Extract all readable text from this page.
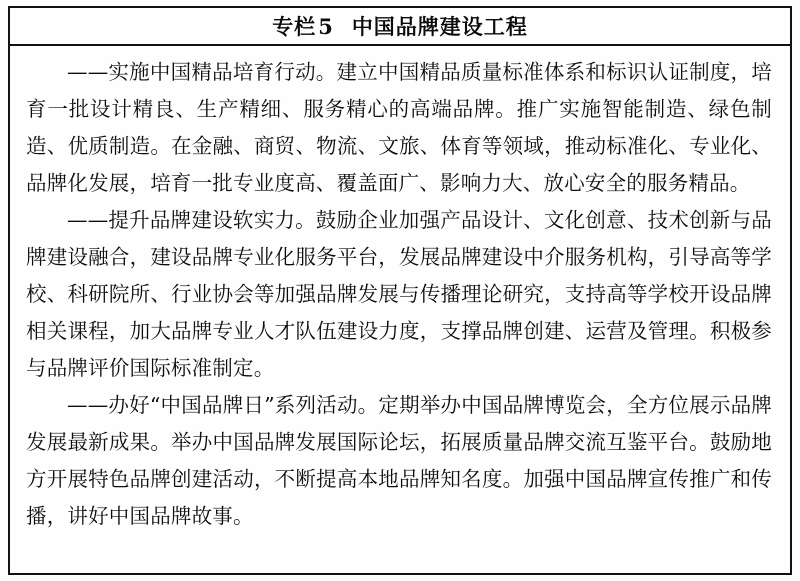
专栏5 中国品牌建设工程

——实施中国精品培育行动。建立中国精品质量标准体系和标识认证制度，培育一批设计精良、生产精细、服务精心的高端品牌。推广实施智能制造、绿色制造、优质制造。在金融、商贸、物流、文旅、体育等领域，推动标准化、专业化、品牌化发展，培育一批专业度高、覆盖面广、影响力大、放心安全的服务精品。

——提升品牌建设软实力。鼓励企业加强产品设计、文化创意、技术创新与品牌建设融合，建设品牌专业化服务平台，发展品牌建设中介服务机构，引导高等学校、科研院所、行业协会等加强品牌发展与传播理论研究，支持高等学校开设品牌相关课程，加大品牌专业人才队伍建设力度，支撑品牌创建、运营及管理。积极参与品牌评价国际标准制定。

——办好“中国品牌日”系列活动。定期举办中国品牌博览会，全方位展示品牌发展最新成果。举办中国品牌发展国际论坛，拓展质量品牌交流互鉴平台。鼓励地方开展特色品牌创建活动，不断提高本地品牌知名度。加强中国品牌宣传推广和传播，讲好中国品牌故事。
